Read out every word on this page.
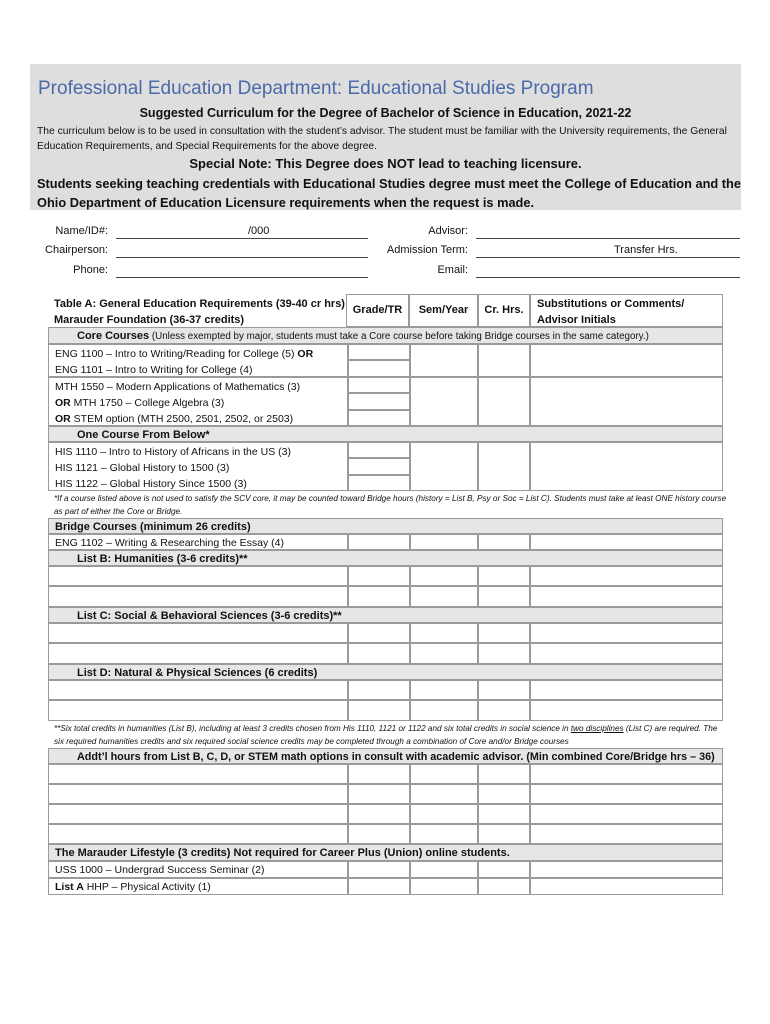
Professional Education Department: Educational Studies Program
Suggested Curriculum for the Degree of Bachelor of Science in Education, 2021-22
The curriculum below is to be used in consultation with the student’s advisor. The student must be familiar with the University requirements, the General Education Requirements, and Special Requirements for the above degree.
Special Note: This Degree does NOT lead to teaching licensure.
Students seeking teaching credentials with Educational Studies degree must meet the College of Education and the Ohio Department of Education Licensure requirements when the request is made.
Name/ID#:	/000
Chairperson:
Phone:
Advisor:
Admission Term:	Transfer Hrs.
Email:
Table A: General Education Requirements (39-40 cr hrs)
Marauder Foundation (36-37 credits)
Grade/TR	Sem/Year	Cr. Hrs.	Substitutions or Comments/
Advisor Initials
Core Courses (Unless exempted by major, students must take a Core course before taking Bridge courses in the same category.)
ENG 1100 – Intro to Writing/Reading for College (5) OR
ENG 1101 – Intro to Writing for College (4)
MTH 1550 – Modern Applications of Mathematics (3)
OR MTH 1750 – College Algebra (3)
OR STEM option (MTH 2500, 2501, 2502, or 2503)
One Course From Below*
HIS 1110 – Intro to History of Africans in the US (3)
HIS 1121 – Global History to 1500 (3)
HIS 1122 – Global History Since 1500 (3)
*If a course listed above is not used to satisfy the SCV core, it may be counted toward Bridge hours (history = List B, Psy or Soc = List C). Students must take at least ONE history course as part of either the Core or Bridge.
Bridge Courses (minimum 26 credits)
ENG 1102 – Writing & Researching the Essay (4)
List B: Humanities (3-6 credits)**
List C: Social & Behavioral Sciences (3-6 credits)**
List D: Natural & Physical Sciences (6 credits)
**Six total credits in humanities (List B), including at least 3 credits chosen from His 1110, 1121 or 1122 and six total credits in social science in two disciplines (List C) are required. The six required humanities credits and six required social science credits may be completed through a combination of Core and/or Bridge courses
Addt’l hours from List B, C, D, or STEM math options in consult with academic advisor. (Min combined Core/Bridge hrs – 36)
The Marauder Lifestyle (3 credits) Not required for Career Plus (Union) online students.
USS 1000 – Undergrad Success Seminar (2)
List A HHP – Physical Activity (1)
